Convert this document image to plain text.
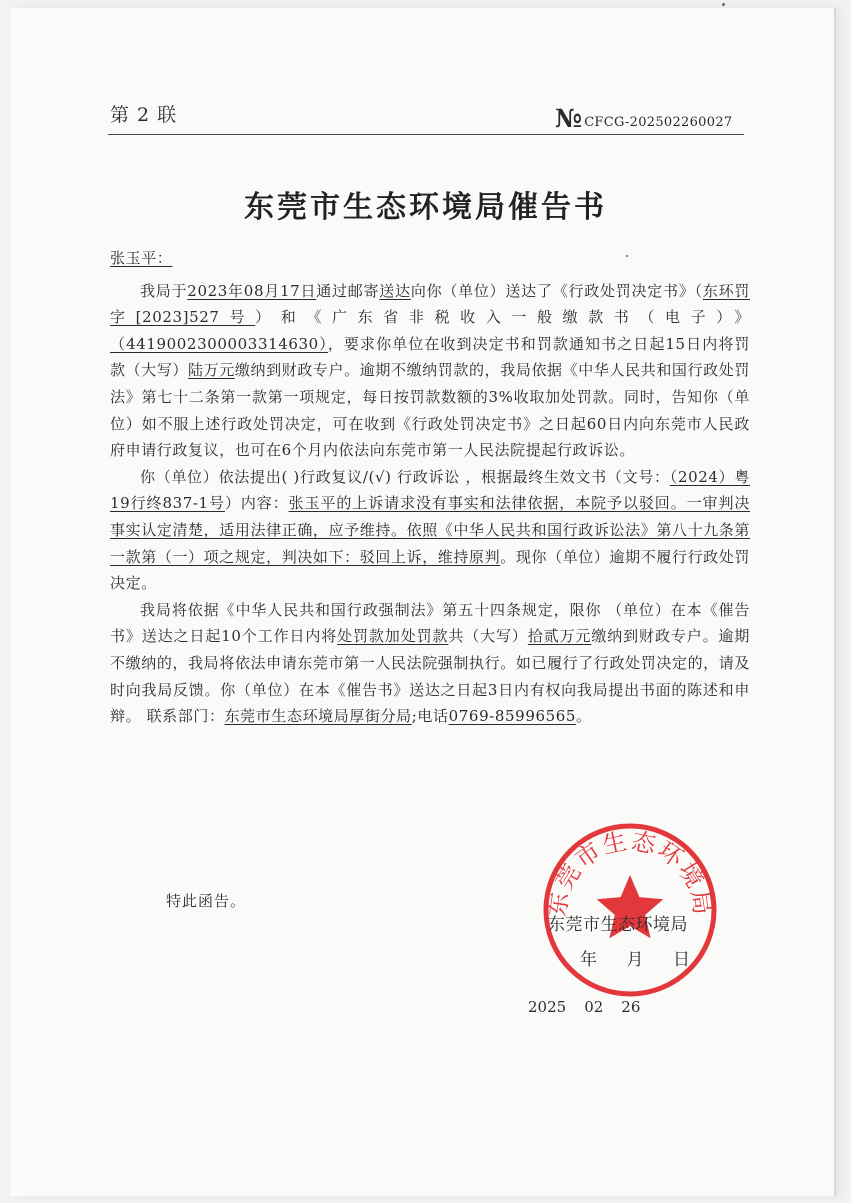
第 2 联	№ CFCG-202502260027
东莞市生态环境局催告书

张玉平：

我局于2023年08月17日通过邮寄送达向你（单位）送达了《行政处罚决定书》（东环罚字[2023]527号）和《广东省非税收入一般缴款书（电子）》（4419002300003314630），要求你单位在收到决定书和罚款通知书之日起15日内将罚款（大写）陆万元缴纳到财政专户。逾期不缴纳罚款的，我局依据《中华人民共和国行政处罚法》第七十二条第一款第一项规定，每日按罚款数额的3%收取加处罚款。同时，告知你（单位）如不服上述行政处罚决定，可在收到《行政处罚决定书》之日起60日内向东莞市人民政府申请行政复议，也可在6个月内依法向东莞市第一人民法院提起行政诉讼。

你（单位）依法提出( )行政复议/(√) 行政诉讼 ，根据最终生效文书（文号：（2024）粤19行终837-1号）内容：张玉平的上诉请求没有事实和法律依据，本院予以驳回。一审判决事实认定清楚，适用法律正确，应予维持。依照《中华人民共和国行政诉讼法》第八十九条第一款第（一）项之规定，判决如下：驳回上诉，维持原判。现你（单位）逾期不履行行政处罚决定。

我局将依据《中华人民共和国行政强制法》第五十四条规定，限你 （单位）在本《催告书》送达之日起10个工作日内将处罚款加处罚款共（大写）拾贰万元缴纳到财政专户。逾期不缴纳的，我局将依法申请东莞市第一人民法院强制执行。如已履行了行政处罚决定的，请及时向我局反馈。你（单位）在本《催告书》送达之日起3日内有权向我局提出书面的陈述和申辩。 联系部门：东莞市生态环境局厚街分局;电话0769-85996565。

特此函告。	东莞市生态环境局
东莞市生态环境局
年 月 日
2025 02 26
